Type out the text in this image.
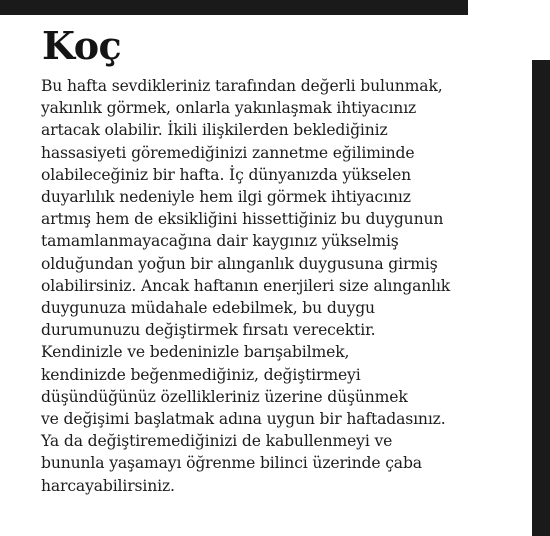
Koç
Bu hafta sevdikleriniz tarafından değerli bulunmak,
yakınlık görmek, onlarla yakınlaşmak ihtiyacınız
artacak olabilir. İkili ilişkilerden beklediğiniz
hassasiyeti göremediğinizi zannetme eğiliminde
olabileceğiniz bir hafta. İç dünyanızda yükselen
duyarlılık nedeniyle hem ilgi görmek ihtiyacınız
artmış hem de eksikliğini hissettiğiniz bu duygunun
tamamlanmayacağına dair kaygınız yükselmiş
olduğundan yoğun bir alınganlık duygusuna girmiş
olabilirsiniz. Ancak haftanın enerjileri size alınganlık
duygunuza müdahale edebilmek, bu duygu
durumunuzu değiştirmek fırsatı verecektir.
Kendinizle ve bedeninizle barışabilmek,
kendinizde beğenmediğiniz, değiştirmeyi
düşündüğünüz özellikleriniz üzerine düşünmek
ve değişimi başlatmak adına uygun bir haftadasınız.
Ya da değiştiremediğinizi de kabullenmeyi ve
bununla yaşamayı öğrenme bilinci üzerinde çaba
harcayabilirsiniz.
